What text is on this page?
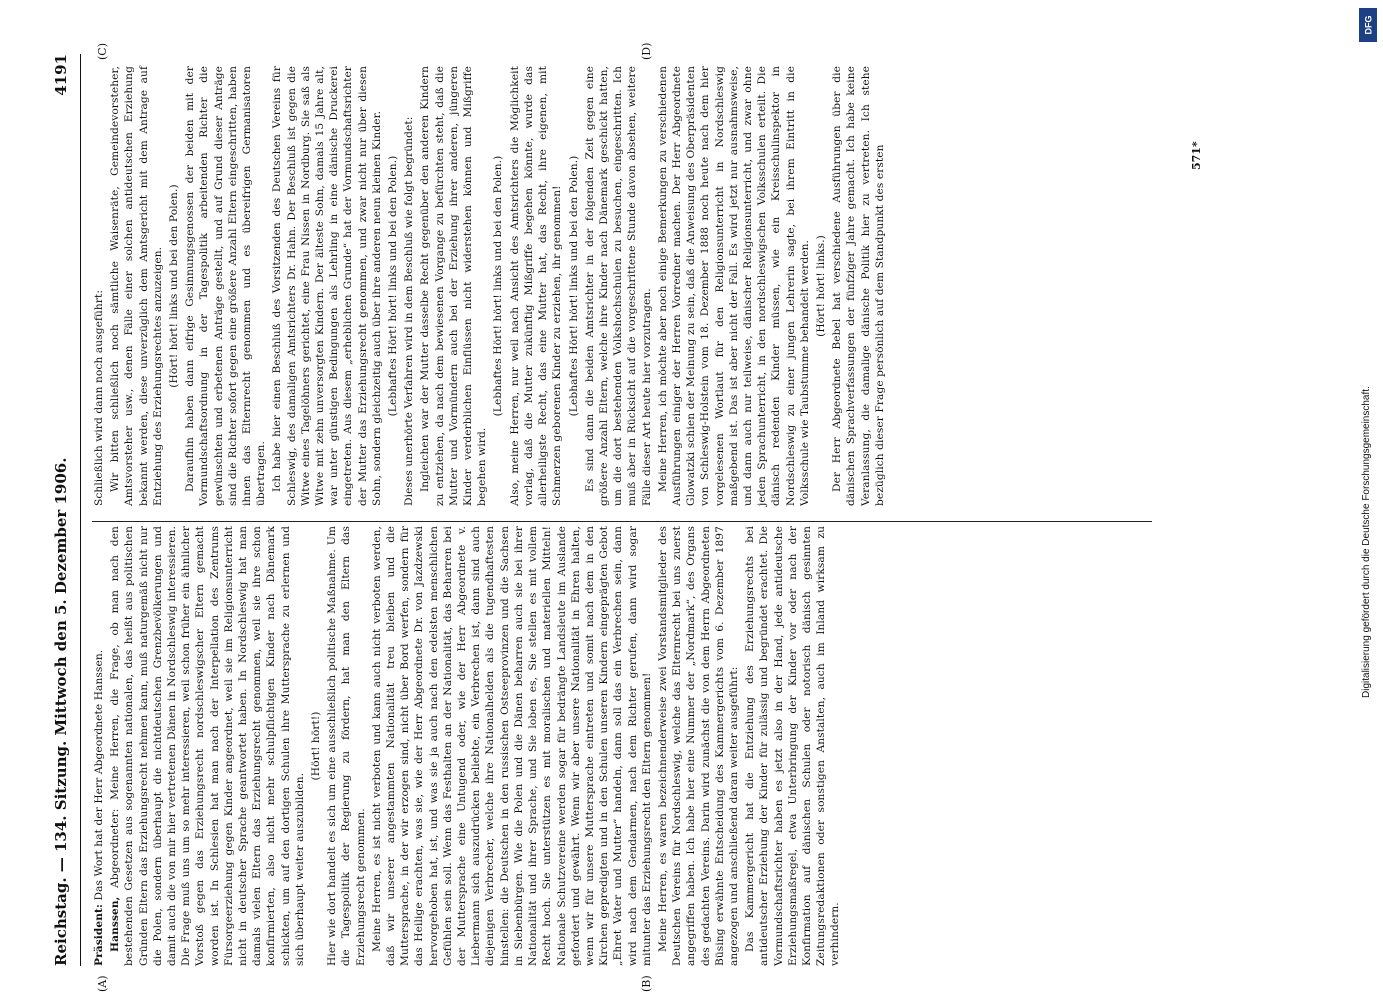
Reichstag. — 134. Sitzung. Mittwoch den 5. Dezember 1906.
4191

Präsident: Das Wort hat der Herr Abgeordnete Hanssen.

Hanssen, Abgeordneter: Meine Herren, die Frage, ob man nach den bestehenden Gesetzen aus sogenannten nationalen, das heißt aus politischen Gründen Eltern das Erziehungsrecht nehmen kann, muß naturgemäß nicht nur die Polen, sondern überhaupt die nichtdeutschen Grenzbevölkerungen und damit auch die von mir hier vertretenen Dänen in Nordschleswig interessieren. Die Frage muß uns um so mehr interessieren, weil schon früher ein ähnlicher Vorstoß gegen das Erziehungsrecht nordschleswigscher Eltern gemacht worden ist. In Schlesien hat man nach der Interpellation des Zentrums Fürsorgeerziehung gegen Kinder angeordnet, weil sie im Religionsunterricht nicht in deutscher Sprache geantwortet haben. In Nordschleswig hat man damals vielen Eltern das Erziehungsrecht genommen, weil sie ihre schon konfirmierten, also nicht mehr schulpflichtigen Kinder nach Dänemark schickten, um auf den dortigen Schulen ihre Muttersprache zu erlernen und sich überhaupt weiter auszubilden.

(Hört! hört!) Hier wie dort handelt es sich um eine ausschließlich politische Maßnahme. Um die Tagespolitik der Regierung zu fördern, hat man den Eltern das Erziehungsrecht genommen. Meine Herren, es ist nicht verboten und kann auch nicht verboten werden, daß wir unserer angestammten Nationalität treu bleiben und die Muttersprache, in der wir erzogen sind, nicht über Bord werfen, sondern für das Heilige erachten, was sie, wie der Herr Abgeordnete Dr. von Jazdzewski hervorgehoben hat, ist, und was sie ja auch nach den edelsten menschlichen Gefühlen sein soll. Wenn das Festhalten an der Nationalität, das Beharren bei der Muttersprache eine Untugend oder, wie der Herr Abgeordnete v. Liebermann sich auszudrücken beliebte, ein Verbrechen ist, dann sind auch diejenigen Verbrecher, welche ihre Nationalhelden als die tugendhaftesten hinstellen: die Deutschen in den russischen Ostseeprovinzen und die Sachsen in Siebenbürgen. Wie die Polen und die Dänen beharren auch sie bei ihrer Nationalität und ihrer Sprache, und Sie loben es, Sie stellen es mit vollem Recht hoch. Sie unterstützen es mit moralischen und materiellen Mitteln! Nationale Schutzvereine werden sogar für bedrängte Landsleute im Auslande gefordert und gewährt. Wenn wir aber unsere Nationalität in Ehren halten, wenn wir für unsere Muttersprache eintreten und somit nach dem in den Kirchen gepredigten und in den Schulen unseren Kindern eingeprägten Gebot „Ehret Vater und Mutter“ handeln, dann soll das ein Verbrechen sein, dann wird nach dem Gendarmen, nach dem Richter gerufen, dann wird sogar mitunter das Erziehungsrecht den Eltern genommen! Meine Herren, es waren bezeichnenderweise zwei Vorstandsmitglieder des Deutschen Vereins für Nordschleswig, welche das Elternrecht bei uns zuerst angegriffen haben. Ich habe hier eine Nummer der „Nordmark“, des Organs des gedachten Vereins. Darin wird zunächst die von dem Herrn Abgeordneten Büsing erwähnte Entscheidung des Kammergerichts vom 6. Dezember 1897 angezogen und anschließend daran weiter ausgeführt: Das Kammergericht hat die Entziehung des Erziehungsrechts bei antideutscher Erziehung der Kinder für zulässig und begründet erachtet. Die Vormundschaftsrichter haben es jetzt also in der Hand, jede antideutsche Erziehungsmaßregel, etwa Unterbringung der Kinder vor oder nach der Konfirmation auf dänischen Schulen oder notorisch dänisch gesinnten Zeitungsredaktionen oder sonstigen Anstalten, auch im Inland wirksam zu verhindern.

Schließlich wird dann noch ausgeführt: Wir bitten schließlich noch sämtliche Waisenräte, Gemeindevorsteher, Amtsvorsteher usw., denen Fälle einer solchen antideutschen Erziehung bekannt werden, diese unverzüglich dem Amtsgericht mit dem Antrage auf Entziehung des Erziehungsrechtes anzuzeigen. (Hört! hört! links und bei den Polen.) Daraufhin haben dann eifrige Gesinnungsgenossen der beiden mit der Vormundschaftsordnung in der Tagespolitik arbeitenden Richter die gewünschten und erbetenen Anträge gestellt, und auf Grund dieser Anträge sind die Richter sofort gegen eine größere Anzahl Eltern eingeschritten, haben ihnen das Elternrecht genommen und es übereifrigen Germanisatoren übertragen. Ich habe hier einen Beschluß des Vorsitzenden des Deutschen Vereins für Schleswig, des damaligen Amtsrichters Dr. Hahn. Der Beschluß ist gegen die Witwe eines Tagelöhners gerichtet, eine Frau Nissen in Nordburg. Sie saß als Witwe mit zehn unversorgten Kindern. Der älteste Sohn, damals 15 Jahre alt, war unter günstigen Bedingungen als Lehrling in eine dänische Druckerei eingetreten. Aus diesem „erheblichen Grunde“ hat der Vormundschaftsrichter der Mutter das Erziehungsrecht genommen, und zwar nicht nur über diesen Sohn, sondern gleichzeitig auch über ihre anderen neun kleinen Kinder. (Lebhaftes Hört! hört! links und bei den Polen.) Dieses unerhörte Verfahren wird in dem Beschluß wie folgt begründet: Ingleichen war der Mutter dasselbe Recht gegenüber den anderen Kindern zu entziehen, da nach dem bewiesenen Vorgange zu befürchten steht, daß die Mutter und Vormündern auch bei der Erziehung ihrer anderen, jüngeren Kinder verderblichen Einflüssen nicht widerstehen können und Mißgriffe begehen wird.

(Lebhaftes Hört! hört! links und bei den Polen.) Also, meine Herren, nur weil nach Ansicht des Amtsrichters die Möglichkeit vorlag, daß die Mutter zukünftig Mißgriffe begehen könnte, wurde das allerheiligste Recht, das eine Mutter hat, das Recht, ihre eigenen, mit Schmerzen geborenen Kinder zu erziehen, ihr genommen! (Lebhaftes Hört! hört! links und bei den Polen.) Es sind dann die beiden Amtsrichter in der folgenden Zeit gegen eine größere Anzahl Eltern, welche ihre Kinder nach Dänemark geschickt hatten, um die dort bestehenden Volkshochschulen zu besuchen, eingeschritten. Ich muß aber in Rücksicht auf die vorgeschrittene Stunde davon absehen, weitere Fälle dieser Art heute hier vorzutragen. Meine Herren, ich möchte aber noch einige Bemerkungen zu verschiedenen Ausführungen einiger der Herren Vorredner machen. Der Herr Abgeordnete Glowatzki schien der Meinung zu sein, daß die Anweisung des Oberpräsidenten von Schleswig-Holstein vom 18. Dezember 1888 noch heute nach dem hier vorgelesenen Wortlaut für den Religionsunterricht in Nordschleswig maßgebend ist. Das ist aber nicht der Fall. Es wird jetzt nur ausnahmsweise, und dann auch nur teilweise, dänischer Religionsunterricht, und zwar ohne jeden Sprachunterricht, in den nordschleswigschen Volksschulen erteilt. Die dänisch redenden Kinder müssen, wie ein Kreisschulinspektor in Nordschleswig zu einer jungen Lehrerin sagte, bei ihrem Eintritt in die Volksschule wie Taubstumme behandelt werden. (Hört! hört! links.) Der Herr Abgeordnete Bebel hat verschiedene Ausführungen über die dänischen Sprachverfassungen der fünfziger Jahre gemacht. Ich habe keine Veranlassung, die damalige dänische Politik hier zu vertreten. Ich stehe bezüglich dieser Frage persönlich auf dem Standpunkt des ersten

(A)	(B)
(C)	(D)
571*
DFG
Digitalisierung gefördert durch die Deutsche Forschungsgemeinschaft.
